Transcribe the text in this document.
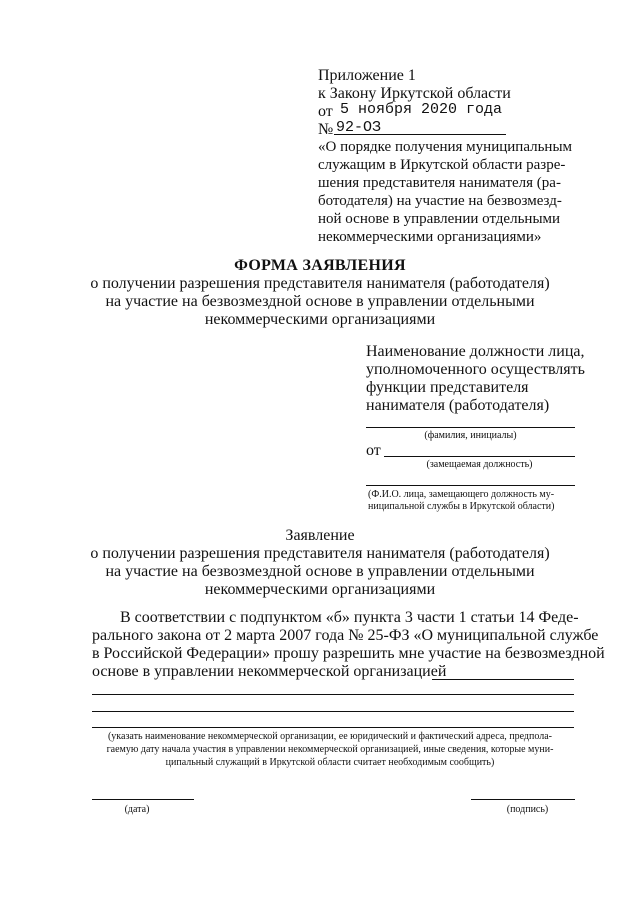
Приложение 1
к Закону Иркутской области
от 5 ноября 2020 года
№ 92-ОЗ
«О порядке получения муниципальным
служащим в Иркутской области разре-
шения представителя нанимателя (ра-
ботодателя) на участие на безвозмезд-
ной основе в управлении отдельными
некоммерческими организациями»
ФОРМА ЗАЯВЛЕНИЯ
о получении разрешения представителя нанимателя (работодателя)
на участие на безвозмездной основе в управлении отдельными
некоммерческими организациями
Наименование должности лица,
уполномоченного осуществлять
функции представителя
нанимателя (работодателя)
(фамилия, инициалы)
от
(замещаемая должность)
(Ф.И.О. лица, замещающего должность му-
ниципальной службы в Иркутской области)
Заявление
о получении разрешения представителя нанимателя (работодателя)
на участие на безвозмездной основе в управлении отдельными
некоммерческими организациями
В соответствии с подпунктом «б» пункта 3 части 1 статьи 14 Феде-
рального закона от 2 марта 2007 года № 25-ФЗ «О муниципальной службе
в Российской Федерации» прошу разрешить мне участие на безвозмездной
основе в управлении некоммерческой организацией
(указать наименование некоммерческой организации, ее юридический и фактический адреса, предпола-
гаемую дату начала участия в управлении некоммерческой организацией, иные сведения, которые муни-
ципальный служащий в Иркутской области считает необходимым сообщить)
(дата)	(подпись)
